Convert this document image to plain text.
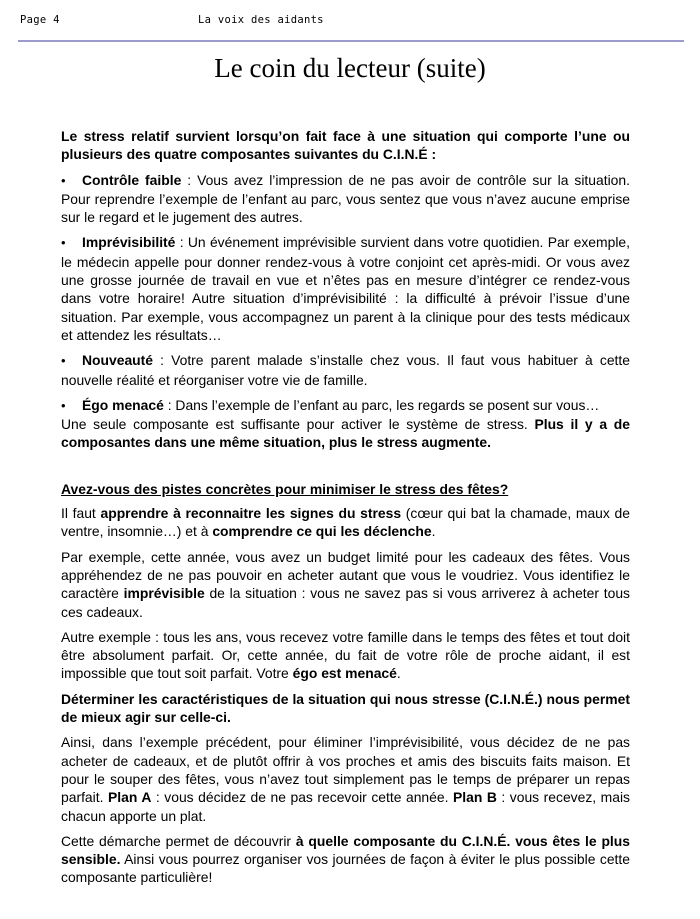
Page 4	La voix des aidants
Le coin du lecteur (suite)

Le stress relatif survient lorsqu’on fait face à une situation qui comporte l’une ou plusieurs des quatre composantes suivantes du C.I.N.É :

• Contrôle faible : Vous avez l’impression de ne pas avoir de contrôle sur la situation. Pour reprendre l’exemple de l’enfant au parc, vous sentez que vous n’avez aucune emprise sur le regard et le jugement des autres.

• Imprévisibilité : Un événement imprévisible survient dans votre quotidien. Par exemple, le médecin appelle pour donner rendez-vous à votre conjoint cet après-midi. Or vous avez une grosse journée de travail en vue et n’êtes pas en mesure d’intégrer ce rendez-vous dans votre horaire! Autre situation d’imprévisibilité : la difficulté à prévoir l’issue d’une situation. Par exemple, vous accompagnez un parent à la clinique pour des tests médicaux et attendez les résultats…

• Nouveauté : Votre parent malade s’installe chez vous. Il faut vous habituer à cette nouvelle réalité et réorganiser votre vie de famille.

• Égo menacé : Dans l’exemple de l’enfant au parc, les regards se posent sur vous…

Une seule composante est suffisante pour activer le système de stress. Plus il y a de composantes dans une même situation, plus le stress augmente.

Avez-vous des pistes concrètes pour minimiser le stress des fêtes?

Il faut apprendre à reconnaitre les signes du stress (cœur qui bat la chamade, maux de ventre, insomnie…) et à comprendre ce qui les déclenche.

Par exemple, cette année, vous avez un budget limité pour les cadeaux des fêtes. Vous appréhendez de ne pas pouvoir en acheter autant que vous le voudriez. Vous identifiez le caractère imprévisible de la situation : vous ne savez pas si vous arriverez à acheter tous ces cadeaux.

Autre exemple : tous les ans, vous recevez votre famille dans le temps des fêtes et tout doit être absolument parfait. Or, cette année, du fait de votre rôle de proche aidant, il est impossible que tout soit parfait. Votre égo est menacé.

Déterminer les caractéristiques de la situation qui nous stresse (C.I.N.É.) nous permet de mieux agir sur celle-ci.

Ainsi, dans l’exemple précédent, pour éliminer l’imprévisibilité, vous décidez de ne pas acheter de cadeaux, et de plutôt offrir à vos proches et amis des biscuits faits maison. Et pour le souper des fêtes, vous n’avez tout simplement pas le temps de préparer un repas parfait. Plan A : vous décidez de ne pas recevoir cette année. Plan B : vous recevez, mais chacun apporte un plat.

Cette démarche permet de découvrir à quelle composante du C.I.N.É. vous êtes le plus sensible. Ainsi vous pourrez organiser vos journées de façon à éviter le plus possible cette composante particulière!
